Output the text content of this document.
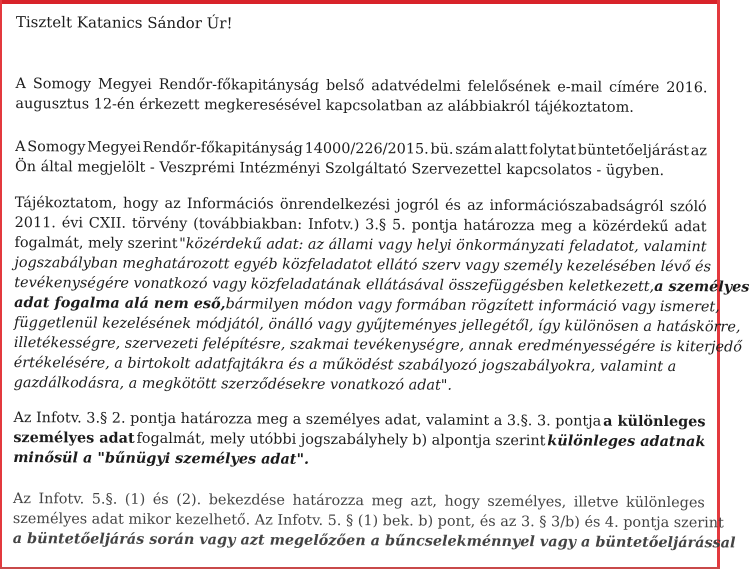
Tisztelt Katanics Sándor Úr!
A Somogy Megyei Rendőr-főkapitányság belső adatvédelmi felelősének e-mail címére 2016.
augusztus 12-én érkezett megkeresésével kapcsolatban az alábbiakról tájékoztatom.
A Somogy Megyei Rendőr-főkapitányság 14000/226/2015. bü. szám alatt folytat büntetőeljárást az
Ön által megjelölt - Veszprémi Intézményi Szolgáltató Szervezettel kapcsolatos - ügyben.
Tájékoztatom, hogy az Információs önrendelkezési jogról és az információszabadságról szóló
2011. évi CXII. törvény (továbbiakban: Infotv.) 3.§ 5. pontja határozza meg a közérdekű adat
fogalmát, mely szerint "közérdekű adat: az állami vagy helyi önkormányzati feladatot, valamint
jogszabályban meghatározott egyéb közfeladatot ellátó szerv vagy személy kezelésében lévő és
tevékenységére vonatkozó vagy közfeladatának ellátásával összefüggésben keletkezett, a személyes
adat fogalma alá nem eső, bármilyen módon vagy formában rögzített információ vagy ismeret,
függetlenül kezelésének módjától, önálló vagy gyűjteményes jellegétől, így különösen a hatáskörre,
illetékességre, szervezeti felépítésre, szakmai tevékenységre, annak eredményességére is kiterjedő
értékelésére, a birtokolt adatfajtákra és a működést szabályozó jogszabályokra, valamint a
gazdálkodásra, a megkötött szerződésekre vonatkozó adat".
Az Infotv. 3.§ 2. pontja határozza meg a személyes adat, valamint a 3.§. 3. pontja a különleges
személyes adat fogalmát, mely utóbbi jogszabályhely b) alpontja szerint különleges adatnak
minősül a "bűnügyi személyes adat".
Az Infotv. 5.§. (1) és (2). bekezdése határozza meg azt, hogy személyes, illetve különleges
személyes adat mikor kezelhető. Az Infotv. 5. § (1) bek. b) pont, és az 3. § 3/b) és 4. pontja szerint
a büntetőeljárás során vagy azt megelőzően a bűncselekménnyel vagy a büntetőeljárással
